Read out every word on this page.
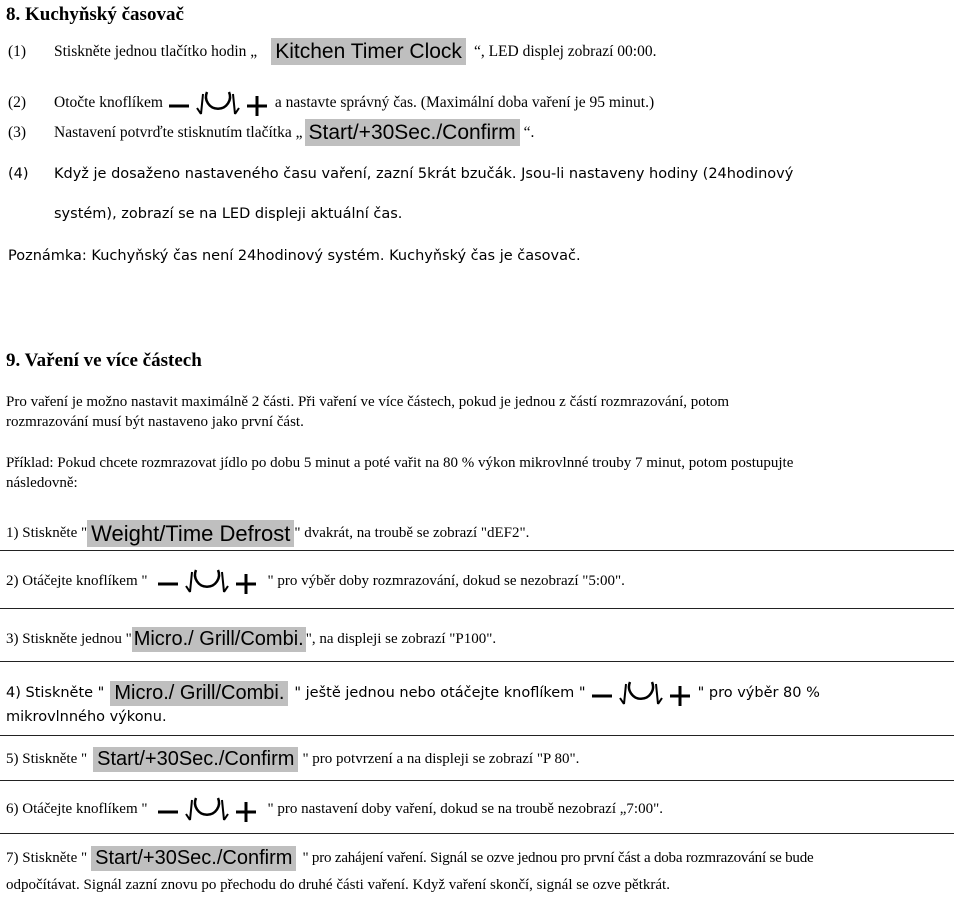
8. Kuchyňský časovač
(1)	Stiskněte jednou tlačítko hodin „ Kitchen Timer Clock “, LED displej zobrazí 00:00.
(2)	Otočte knoflíkem	a nastavte správný čas. (Maximální doba vaření je 95 minut.)
(3)	Nastavení potvrďte stisknutím tlačítka „ Start/+30Sec./Confirm “.
(4) Když je dosaženo nastaveného času vaření, zazní 5krát bzučák. Jsou-li nastaveny hodiny (24hodinový
systém), zobrazí se na LED displeji aktuální čas.
Poznámka: Kuchyňský čas není 24hodinový systém. Kuchyňský čas je časovač.
9. Vaření ve více částech
Pro vaření je možno nastavit maximálně 2 části. Při vaření ve více částech, pokud je jednou z částí rozmrazování, potom
rozmrazování musí být nastaveno jako první část.
Příklad: Pokud chcete rozmrazovat jídlo po dobu 5 minut a poté vařit na 80 % výkon mikrovlnné trouby 7 minut, potom postupujte
následovně:
1) Stiskněte " Weight/Time Defrost " dvakrát, na troubě se zobrazí "dEF2".
2) Otáčejte knoflíkem "	" pro výběr doby rozmrazování, dokud se nezobrazí "5:00".
3) Stiskněte jednou " Micro./ Grill/Combi. ", na displeji se zobrazí "P100".
4) Stiskněte " Micro./ Grill/Combi. " ještě jednou nebo otáčejte knoflíkem "	" pro výběr 80 %
mikrovlnného výkonu.
5) Stiskněte " Start/+30Sec./Confirm " pro potvrzení a na displeji se zobrazí "P 80".
6) Otáčejte knoflíkem "	" pro nastavení doby vaření, dokud se na troubě nezobrazí „7:00".
7) Stiskněte " Start/+30Sec./Confirm " pro zahájení vaření. Signál se ozve jednou pro první část a doba rozmrazování se bude
odpočítávat. Signál zazní znovu po přechodu do druhé části vaření. Když vaření skončí, signál se ozve pětkrát.
